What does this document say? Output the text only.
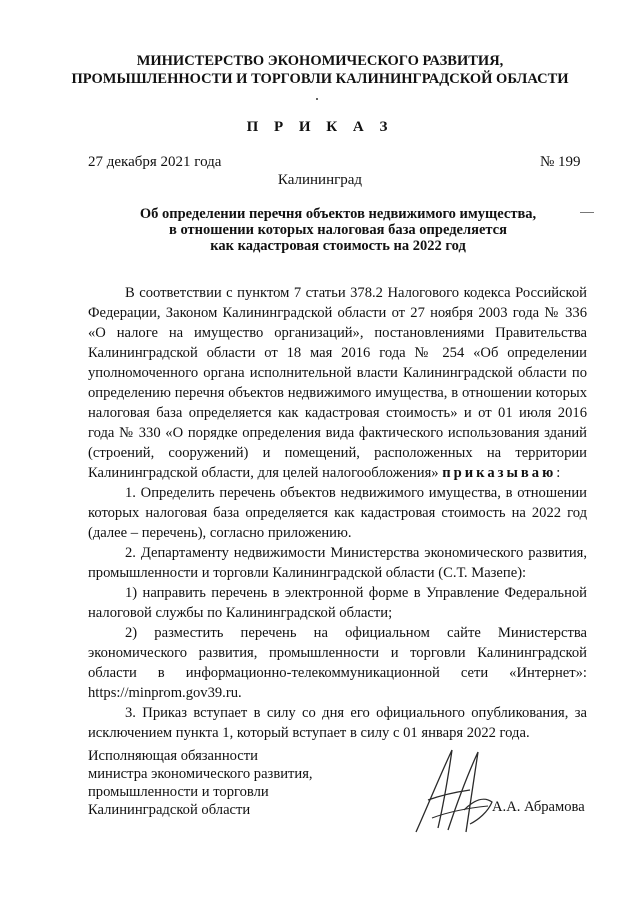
МИНИСТЕРСТВО ЭКОНОМИЧЕСКОГО РАЗВИТИЯ,
ПРОМЫШЛЕННОСТИ И ТОРГОВЛИ КАЛИНИНГРАДСКОЙ ОБЛАСТИ
П Р И К А З
27 декабря 2021 года	№ 199
Калининград
Об определении перечня объектов недвижимого имущества,
в отношении которых налоговая база определяется
как кадастровая стоимость на 2022 год

В соответствии с пунктом 7 статьи 378.2 Налогового кодекса Российской Федерации, Законом Калининградской области от 27 ноября 2003 года № 336 «О налоге на имущество организаций», постановлениями Правительства Калининградской области от 18 мая 2016 года № 254 «Об определении уполномоченного органа исполнительной власти Калининградской области по определению перечня объектов недвижимого имущества, в отношении которых налоговая база определяется как кадастровая стоимость» и от 01 июля 2016 года № 330 «О порядке определения вида фактического использования зданий (строений, сооружений) и помещений, расположенных на территории Калининградской области, для целей налогообложения» приказываю:

1. Определить перечень объектов недвижимого имущества, в отношении которых налоговая база определяется как кадастровая стоимость на 2022 год (далее – перечень), согласно приложению.

2. Департаменту недвижимости Министерства экономического развития, промышленности и торговли Калининградской области (С.Т. Мазепе):

1) направить перечень в электронной форме в Управление Федеральной налоговой службы по Калининградской области;

2) разместить перечень на официальном сайте Министерства экономического развития, промышленности и торговли Калининградской области в информационно-телекоммуникационной сети «Интернет»: https://minprom.gov39.ru.

3. Приказ вступает в силу со дня его официального опубликования, за исключением пункта 1, который вступает в силу с 01 января 2022 года.

Исполняющая обязанности
министра экономического развития,
промышленности и торговли
Калининградской области	А.А. Абрамова
